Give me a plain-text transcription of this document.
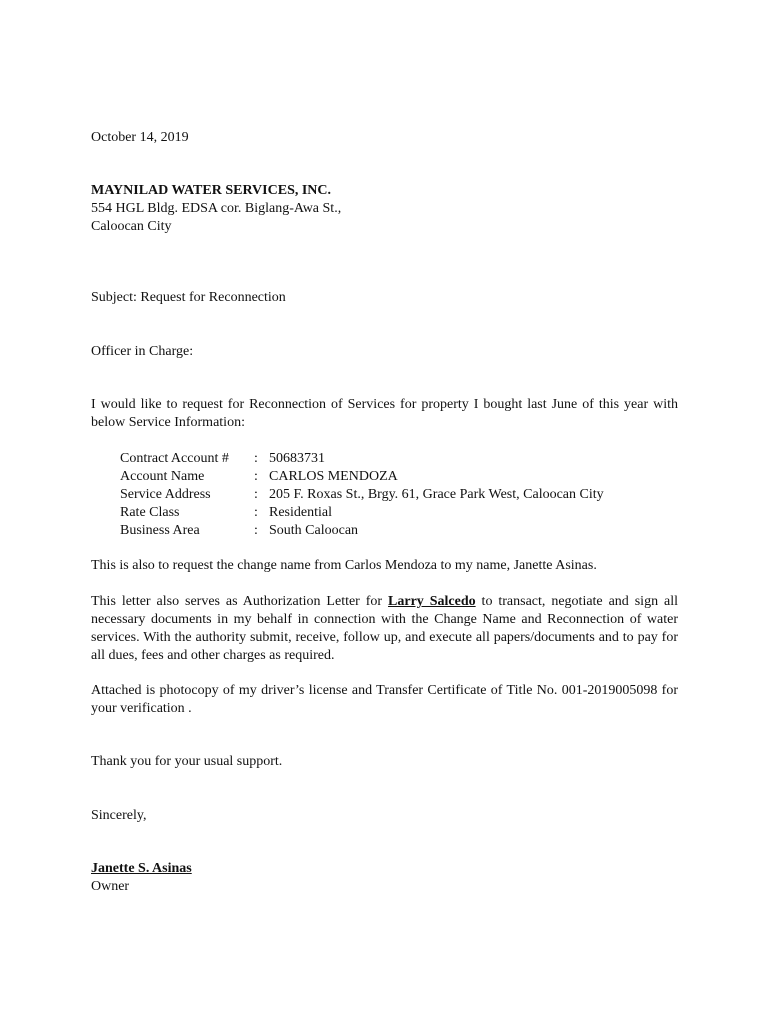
October 14, 2019
MAYNILAD WATER SERVICES, INC.
554 HGL Bldg. EDSA cor. Biglang-Awa St.,
Caloocan City
Subject: Request for Reconnection
Officer in Charge:
I would like to request for Reconnection of Services for property I bought last June of this year with below Service Information:
Contract Account #	:	50683731
Account Name	:	CARLOS MENDOZA
Service Address	:	205 F. Roxas St., Brgy. 61, Grace Park West, Caloocan City
Rate Class	:	Residential
Business Area	:	South Caloocan
This is also to request the change name from Carlos Mendoza to my name, Janette Asinas.
This letter also serves as Authorization Letter for Larry Salcedo to transact, negotiate and sign all necessary documents in my behalf in connection with the Change Name and Reconnection of water services. With the authority submit, receive, follow up, and execute all papers/documents and to pay for all dues, fees and other charges as required.
Attached is photocopy of my driver’s license and Transfer Certificate of Title No. 001-2019005098 for your verification .
Thank you for your usual support.
Sincerely,
Janette S. Asinas
Owner
